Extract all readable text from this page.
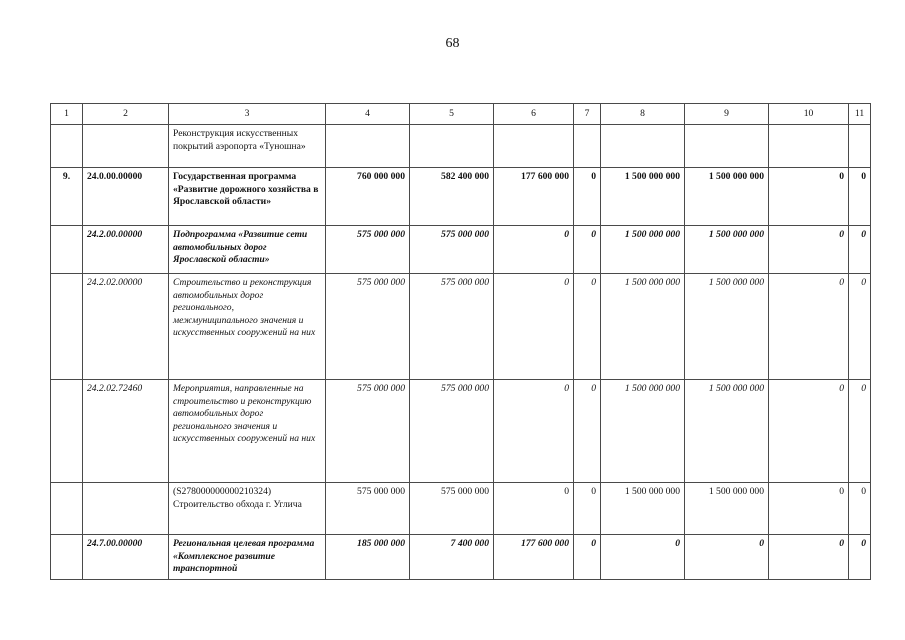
68
1	2	3	4	5	6	7	8	9	10	11
		Реконструкция искусственных покрытий аэропорта «Туношна»								
9.	24.0.00.00000	Государственная программа «Развитие дорожного хозяйства в Ярославской области»	760 000 000	582 400 000	177 600 000	0	1 500 000 000	1 500 000 000	0	0
	24.2.00.00000	Подпрограмма «Развитие сети автомобильных дорог Ярославской области»	575 000 000	575 000 000	0	0	1 500 000 000	1 500 000 000	0	0
	24.2.02.00000	Строительство и реконструкция автомобильных дорог регионального, межмуниципального значения и искусственных сооружений на них	575 000 000	575 000 000	0	0	1 500 000 000	1 500 000 000	0	0
	24.2.02.72460	Мероприятия, направленные на строительство и реконструкцию автомобильных дорог регионального значения и искусственных сооружений на них	575 000 000	575 000 000	0	0	1 500 000 000	1 500 000 000	0	0
		(S278000000000210324) Строительство обхода г. Углича	575 000 000	575 000 000	0	0	1 500 000 000	1 500 000 000	0	0
	24.7.00.00000	Региональная целевая программа «Комплексное развитие транспортной	185 000 000	7 400 000	177 600 000	0	0	0	0	0
